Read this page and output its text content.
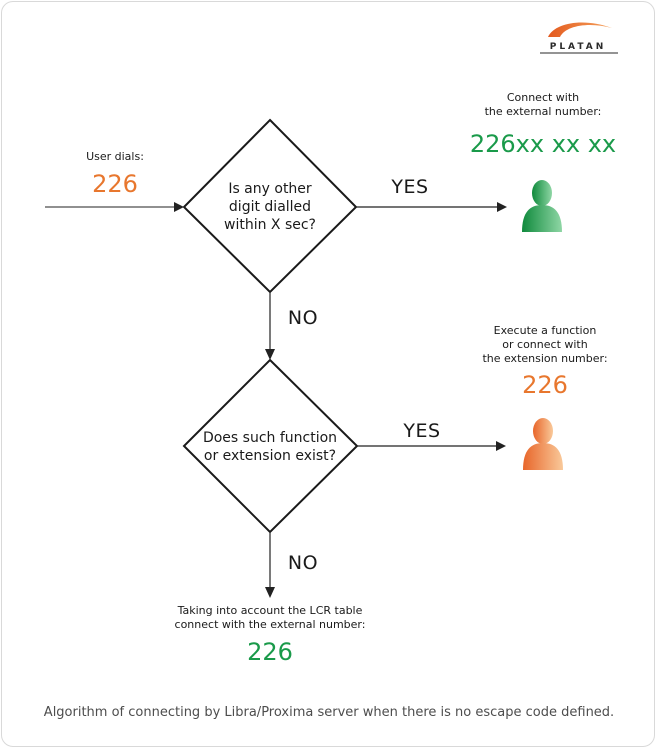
PLATAN
User dials:
226	Is any other
digit dialled
within X sec?
YES
NO
Connect with
the external number:
226xx xx xx
Does such function
or extension exist?
YES
NO
Execute a function
or connect with
the extension number:
226
Taking into account the LCR table
connect with the external number:
226
Algorithm of connecting by Libra/Proxima server when there is no escape code defined.
